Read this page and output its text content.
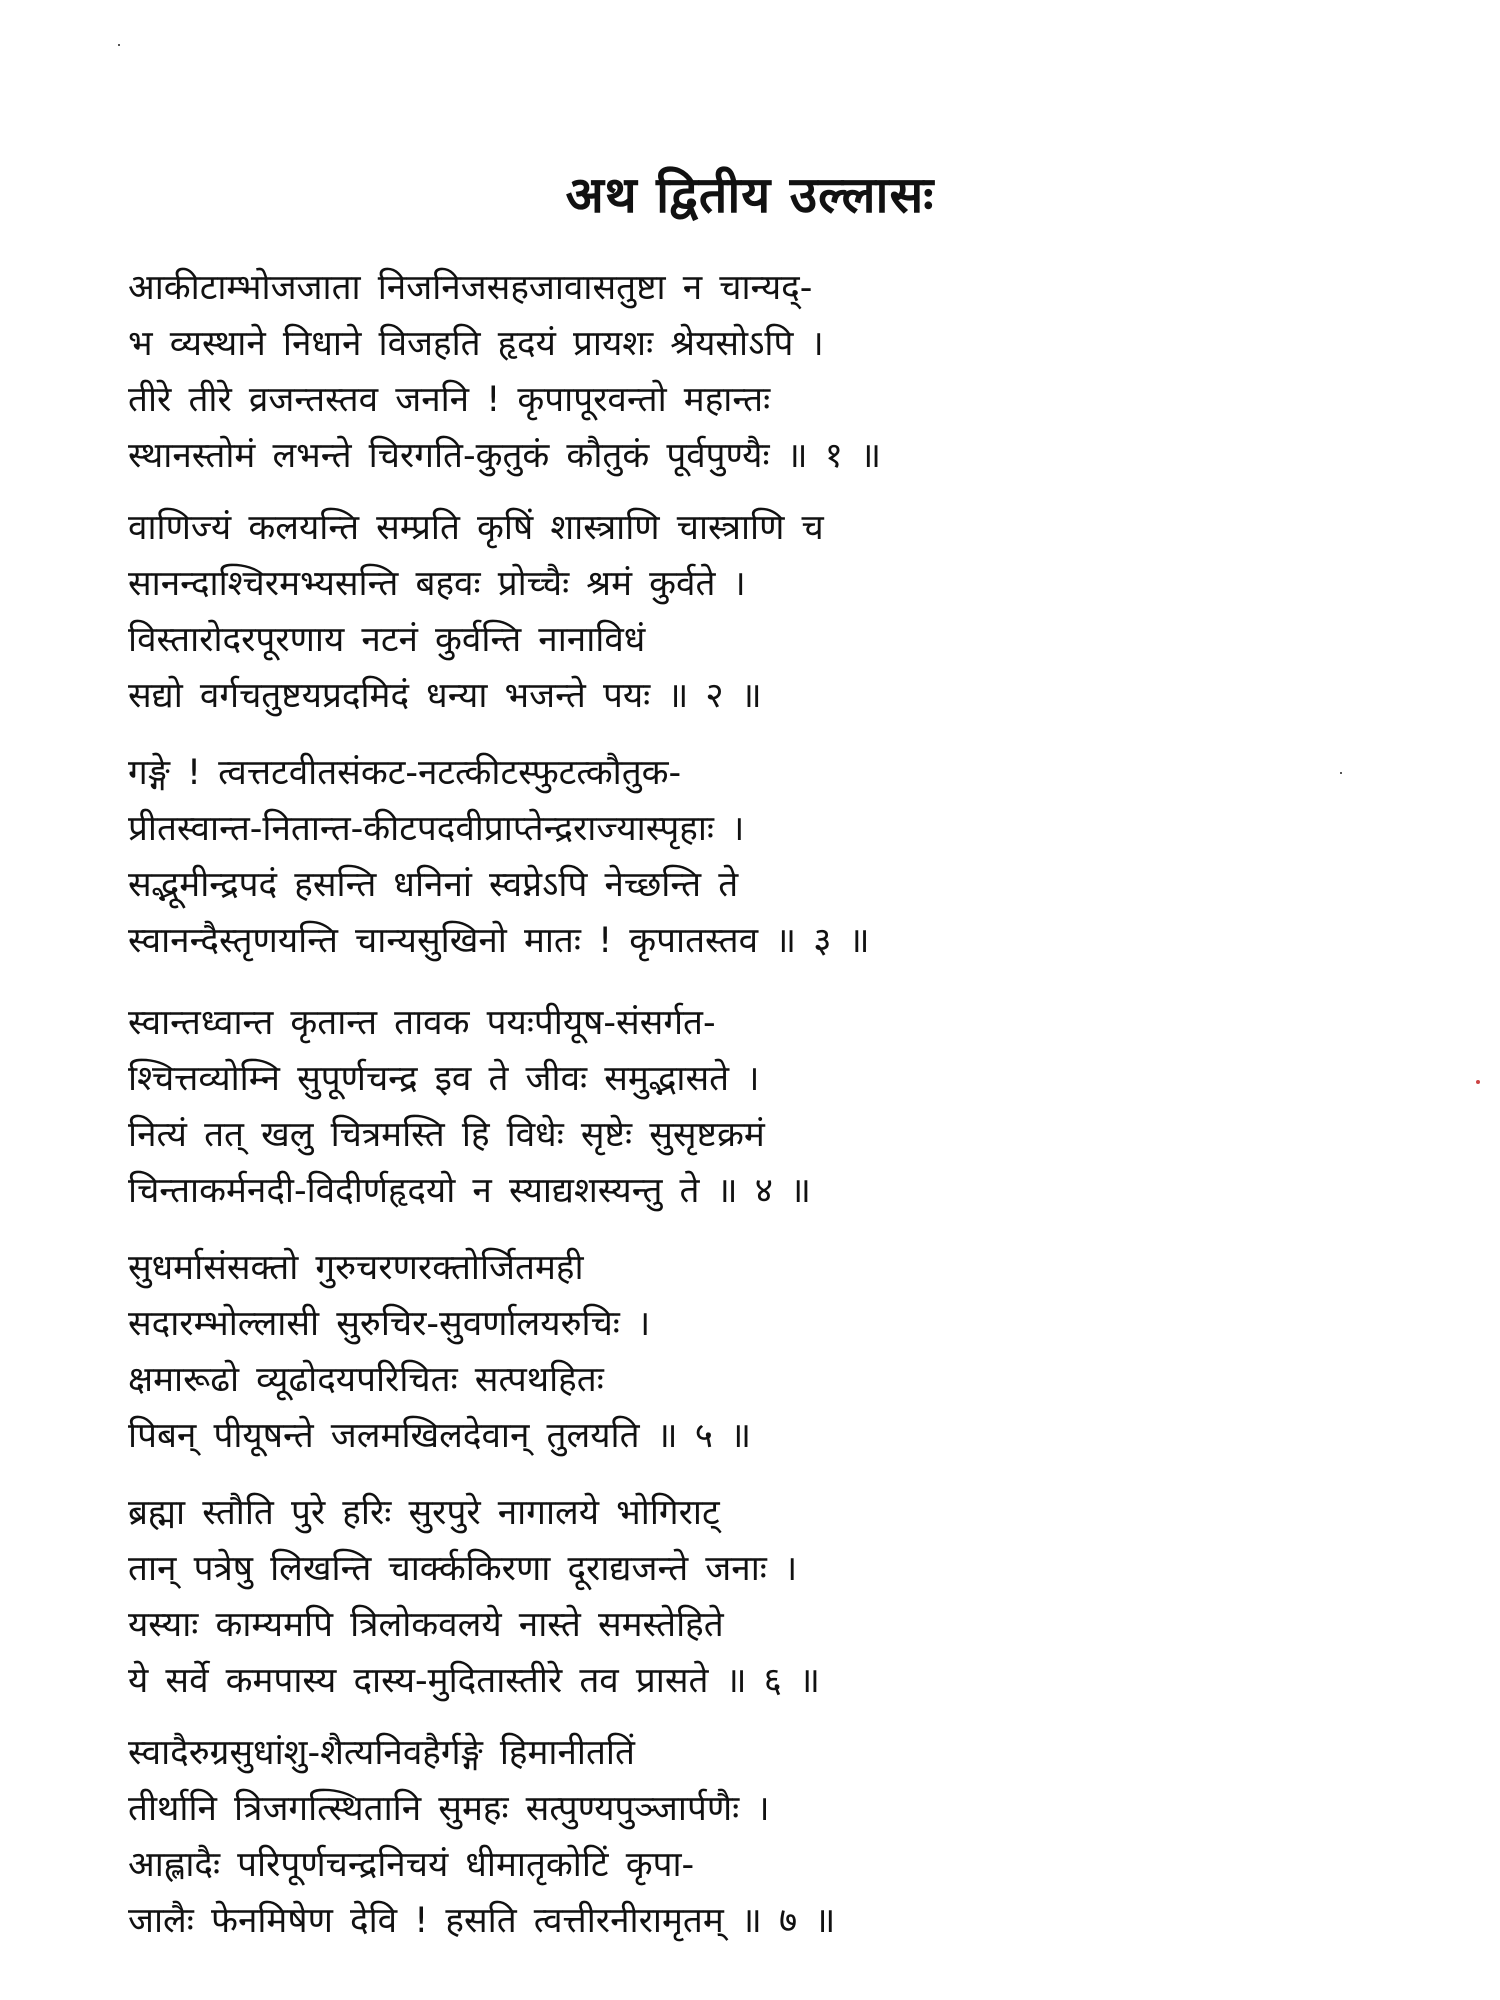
अथ द्वितीय उल्लासः
आकीटाम्भोजजाता निजनिजसहजावासतुष्टा न चान्यद्-
भ व्यस्थाने निधाने विजहति हृदयं प्रायशः श्रेयसोऽपि ।
तीरे तीरे व्रजन्तस्तव जननि ! कृपापूरवन्तो महान्तः
स्थानस्तोमं लभन्ते चिरगति-कुतुकं कौतुकं पूर्वपुण्यैः ॥ १ ॥
वाणिज्यं कलयन्ति सम्प्रति कृषिं शास्त्राणि चास्त्राणि च
सानन्दाश्चिरमभ्यसन्ति बहवः प्रोच्चैः श्रमं कुर्वते ।
विस्तारोदरपूरणाय नटनं कुर्वन्ति नानाविधं
सद्यो वर्गचतुष्टयप्रदमिदं धन्या भजन्ते पयः ॥ २ ॥
गङ्गे ! त्वत्तटवीतसंकट-नटत्कीटस्फुटत्कौतुक-
प्रीतस्वान्त-नितान्त-कीटपदवीप्राप्तेन्द्रराज्यास्पृहाः ।
सद्भूमीन्द्रपदं हसन्ति धनिनां स्वप्नेऽपि नेच्छन्ति ते
स्वानन्दैस्तृणयन्ति चान्यसुखिनो मातः ! कृपातस्तव ॥ ३ ॥
स्वान्तध्वान्त कृतान्त तावक पयःपीयूष-संसर्गत-
श्चित्तव्योम्नि सुपूर्णचन्द्र इव ते जीवः समुद्भासते ।
नित्यं तत् खलु चित्रमस्ति हि विधेः सृष्टेः सुसृष्टक्रमं
चिन्ताकर्मनदी-विदीर्णहृदयो न स्याद्यशस्यन्तु ते ॥ ४ ॥
सुधर्मासंसक्तो गुरुचरणरक्तोर्जितमही
सदारम्भोल्लासी सुरुचिर-सुवर्णालयरुचिः ।
क्षमारूढो व्यूढोदयपरिचितः सत्पथहितः
पिबन् पीयूषन्ते जलमखिलदेवान् तुलयति ॥ ५ ॥
ब्रह्मा स्तौति पुरे हरिः सुरपुरे नागालये भोगिराट्
तान् पत्रेषु लिखन्ति चार्क्ककिरणा दूराद्यजन्ते जनाः ।
यस्याः काम्यमपि त्रिलोकवलये नास्ते समस्तेहिते
ये सर्वे कमपास्य दास्य-मुदितास्तीरे तव प्रासते ॥ ६ ॥
स्वादैरुग्रसुधांशु-शैत्यनिवहैर्गङ्गे हिमानीततिं
तीर्थानि त्रिजगत्स्थितानि सुमहः सत्पुण्यपुञ्जार्पणैः ।
आह्लादैः परिपूर्णचन्द्रनिचयं धीमातृकोटिं कृपा-
जालैः फेनमिषेण देवि ! हसति त्वत्तीरनीरामृतम् ॥ ७ ॥
